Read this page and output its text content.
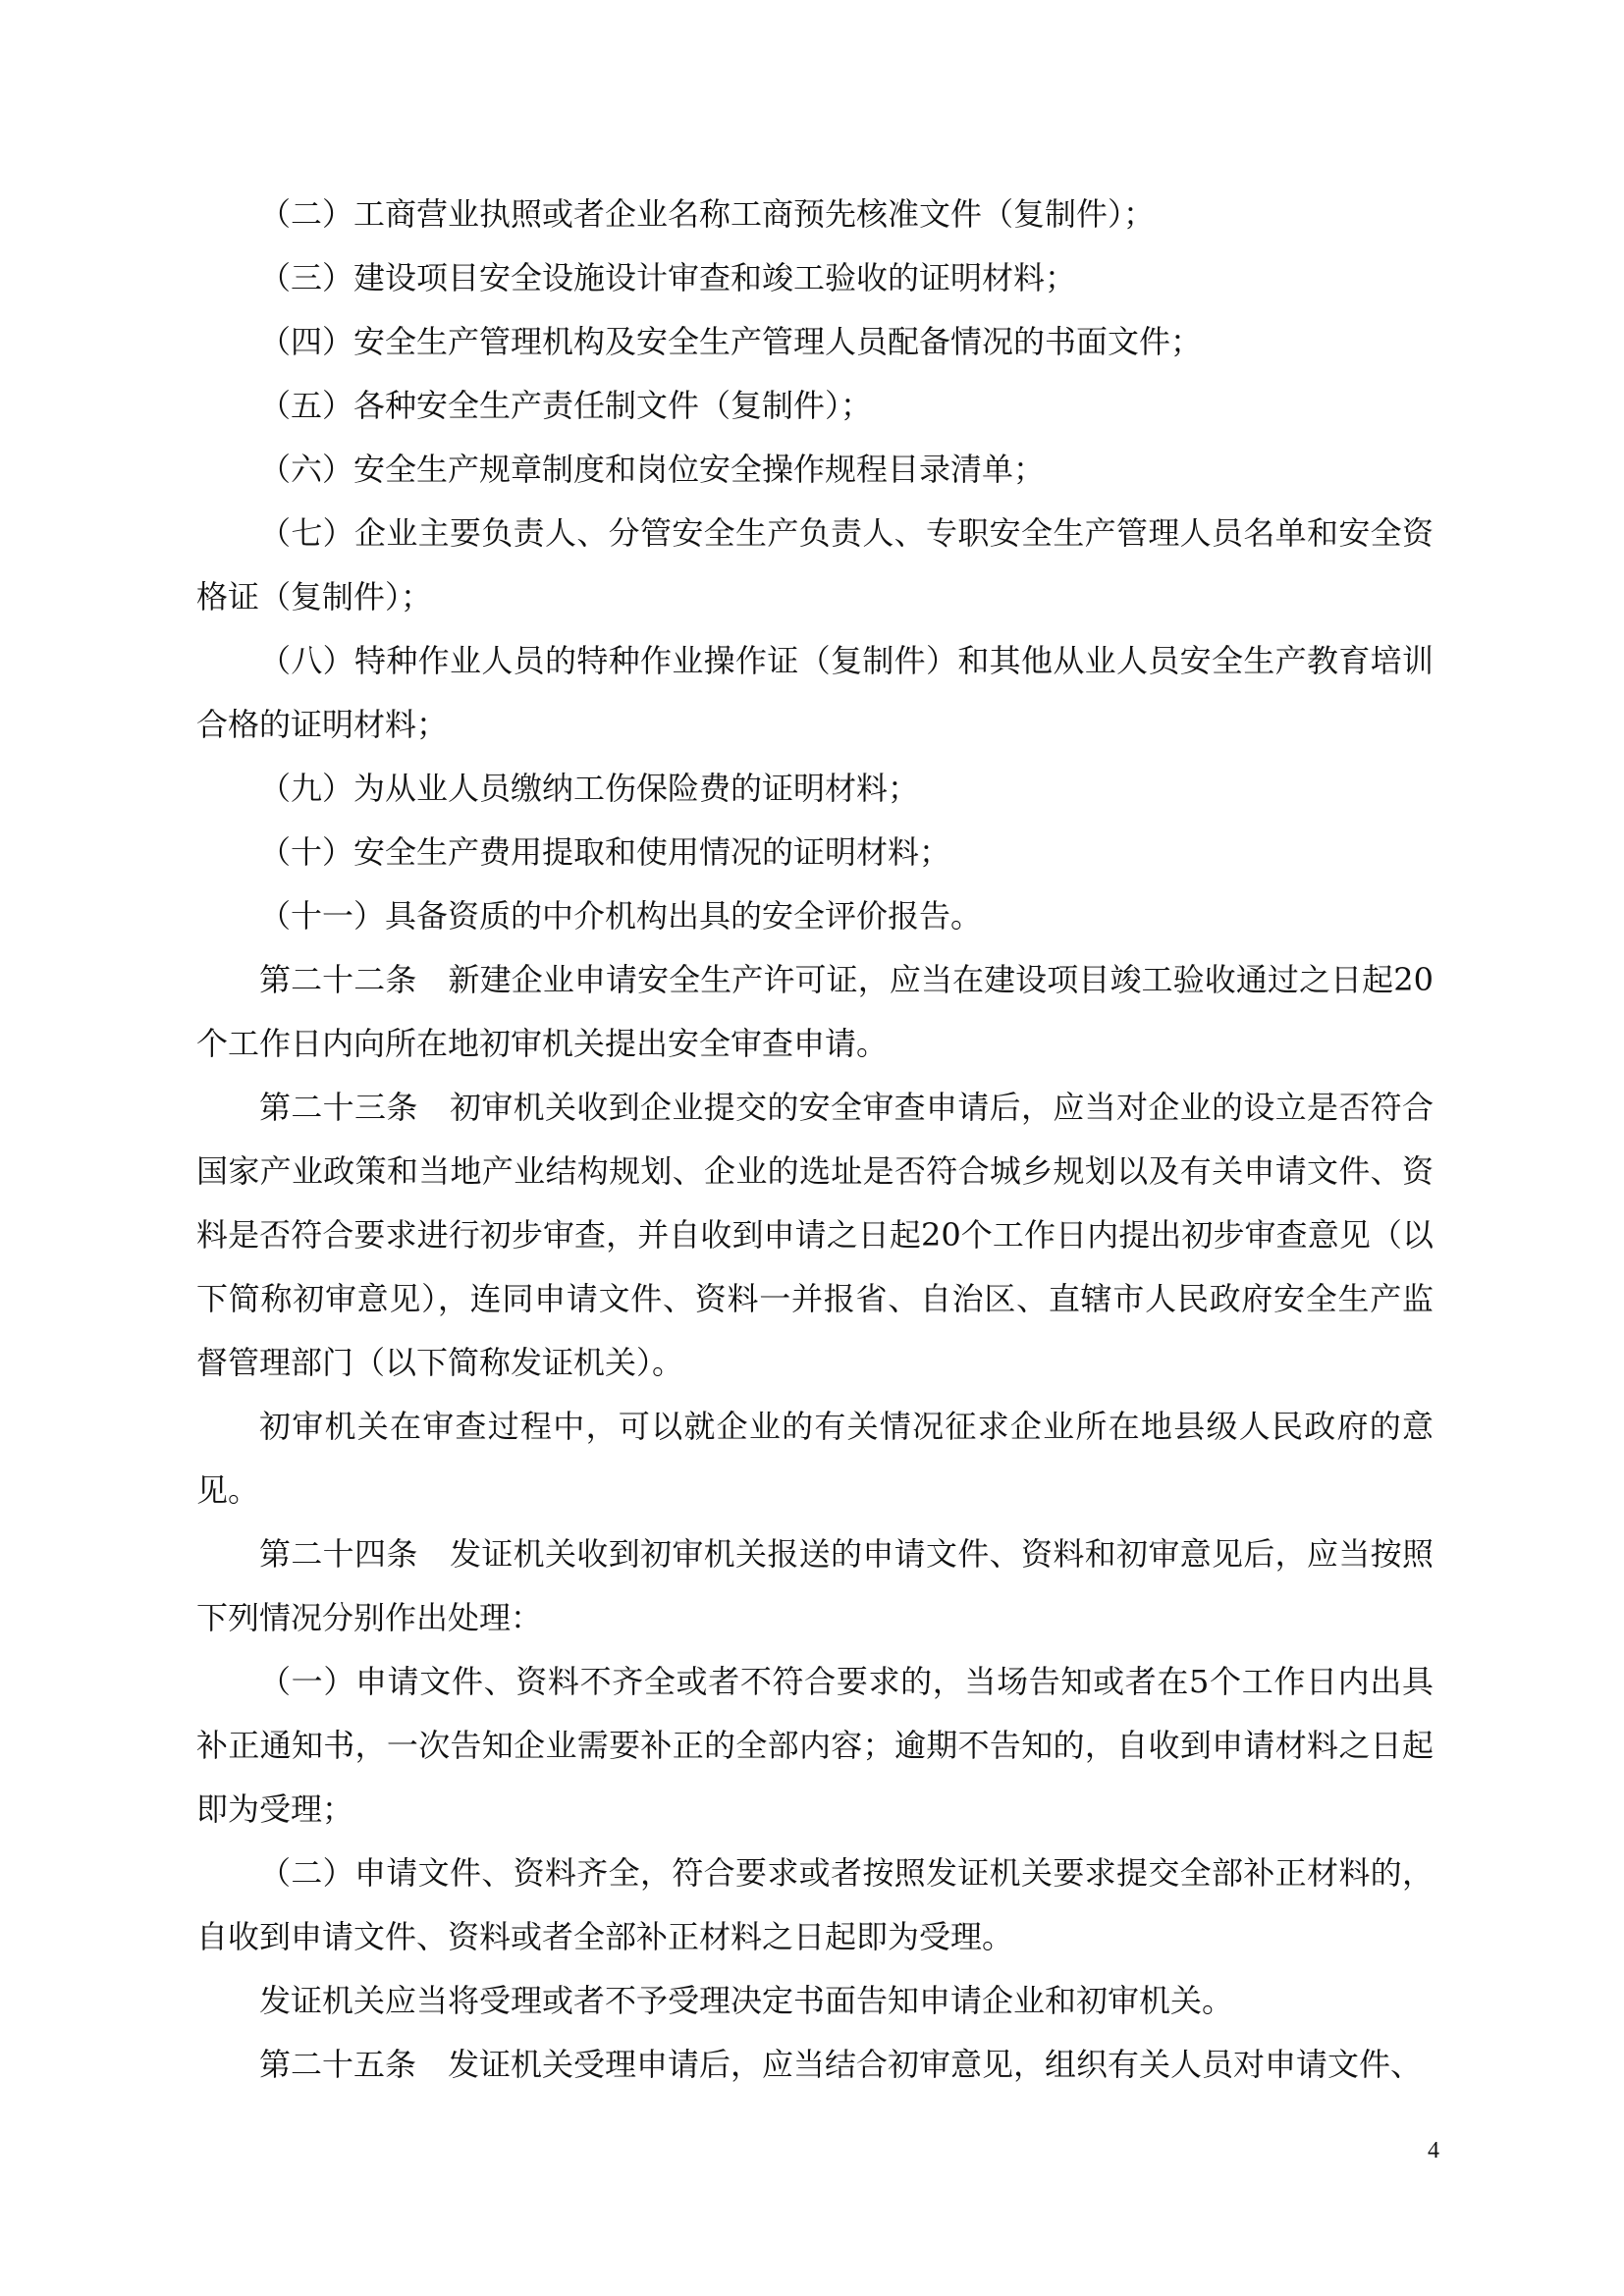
（二）工商营业执照或者企业名称工商预先核准文件（复制件）；

（三）建设项目安全设施设计审查和竣工验收的证明材料；

（四）安全生产管理机构及安全生产管理人员配备情况的书面文件；

（五）各种安全生产责任制文件（复制件）；

（六）安全生产规章制度和岗位安全操作规程目录清单；

（七）企业主要负责人、分管安全生产负责人、专职安全生产管理人员名单和安全资格证（复制件）；

（八）特种作业人员的特种作业操作证（复制件）和其他从业人员安全生产教育培训合格的证明材料；

（九）为从业人员缴纳工伤保险费的证明材料；

（十）安全生产费用提取和使用情况的证明材料；

（十一）具备资质的中介机构出具的安全评价报告。

第二十二条　新建企业申请安全生产许可证，应当在建设项目竣工验收通过之日起20个工作日内向所在地初审机关提出安全审查申请。

第二十三条　初审机关收到企业提交的安全审查申请后，应当对企业的设立是否符合国家产业政策和当地产业结构规划、企业的选址是否符合城乡规划以及有关申请文件、资料是否符合要求进行初步审查，并自收到申请之日起20个工作日内提出初步审查意见（以下简称初审意见），连同申请文件、资料一并报省、自治区、直辖市人民政府安全生产监督管理部门（以下简称发证机关）。

初审机关在审查过程中，可以就企业的有关情况征求企业所在地县级人民政府的意见。

第二十四条　发证机关收到初审机关报送的申请文件、资料和初审意见后，应当按照下列情况分别作出处理：

（一）申请文件、资料不齐全或者不符合要求的，当场告知或者在5个工作日内出具补正通知书，一次告知企业需要补正的全部内容；逾期不告知的，自收到申请材料之日起即为受理；

（二）申请文件、资料齐全，符合要求或者按照发证机关要求提交全部补正材料的，自收到申请文件、资料或者全部补正材料之日起即为受理。

发证机关应当将受理或者不予受理决定书面告知申请企业和初审机关。

第二十五条　发证机关受理申请后，应当结合初审意见，组织有关人员对申请文件、

4
